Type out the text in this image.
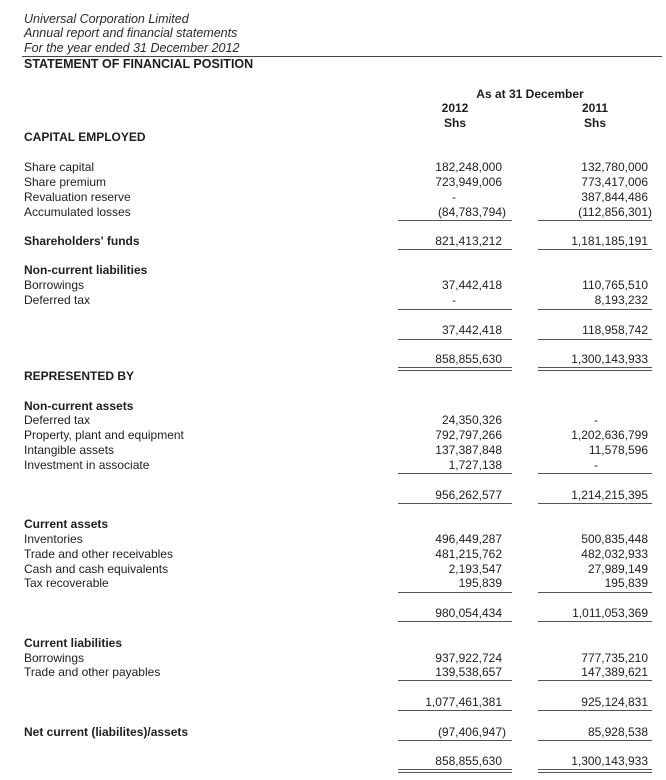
Universal Corporation Limited
Annual report and financial statements
For the year ended 31 December 2012
STATEMENT OF FINANCIAL POSITION
As at 31 December
2012
Shs
2011
Shs
CAPITAL EMPLOYED
Share capital	182,248,000	132,780,000
Share premium	723,949,006	773,417,006
Revaluation reserve	-	387,844,486
Accumulated losses	(84,783,794)	(112,856,301)
Shareholders' funds	821,413,212	1,181,185,191
Non-current liabilities
Borrowings	37,442,418	110,765,510
Deferred tax	-	8,193,232
37,442,418	118,958,742
858,855,630	1,300,143,933
REPRESENTED BY
Non-current assets
Deferred tax	24,350,326	-
Property, plant and equipment	792,797,266	1,202,636,799
Intangible assets	137,387,848	11,578,596
Investment in associate	1,727,138	-
956,262,577	1,214,215,395
Current assets
Inventories	496,449,287	500,835,448
Trade and other receivables	481,215,762	482,032,933
Cash and cash equivalents	2,193,547	27,989,149
Tax recoverable	195,839	195,839
980,054,434	1,011,053,369
Current liabilities
Borrowings	937,922,724	777,735,210
Trade and other payables	139,538,657	147,389,621
1,077,461,381	925,124,831
Net current (liabilites)/assets	(97,406,947)	85,928,538
858,855,630	1,300,143,933
